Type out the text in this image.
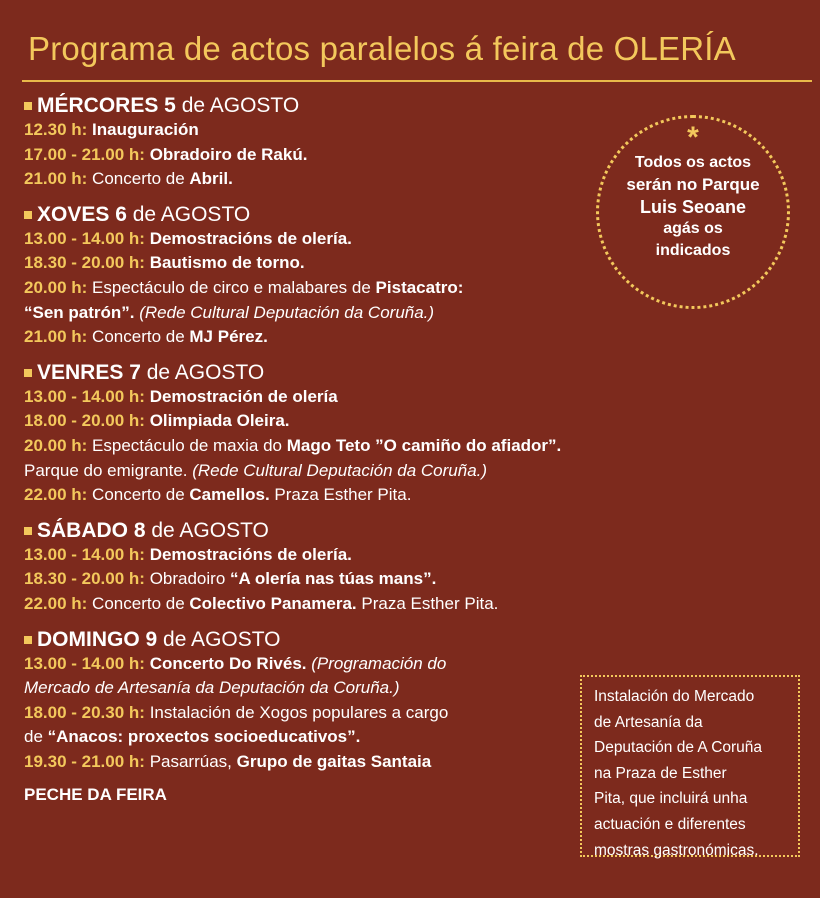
Programa de actos paralelos á feira de OLERÍA
MÉRCORES 5 de AGOSTO
12.30 h: Inauguración
17.00 - 21.00 h: Obradoiro de Rakú.
21.00 h: Concerto de Abril.
XOVES 6 de AGOSTO
13.00 - 14.00 h: Demostracións de olería.
18.30 - 20.00 h: Bautismo de torno.
20.00 h: Espectáculo de circo e malabares de Pistacatro:
“Sen patrón”. (Rede Cultural Deputación da Coruña.)
21.00 h: Concerto de MJ Pérez.
VENRES 7 de AGOSTO
13.00 - 14.00 h: Demostración de olería
18.00 - 20.00 h: Olimpiada Oleira.
20.00 h: Espectáculo de maxia do Mago Teto ”O camiño do afiador”.
Parque do emigrante. (Rede Cultural Deputación da Coruña.)
22.00 h: Concerto de Camellos. Praza Esther Pita.
SÁBADO 8 de AGOSTO
13.00 - 14.00 h: Demostracións de olería.
18.30 - 20.00 h: Obradoiro “A olería nas túas mans”.
22.00 h: Concerto de Colectivo Panamera. Praza Esther Pita.
DOMINGO 9 de AGOSTO
13.00 - 14.00 h: Concerto Do Rivés. (Programación do
Mercado de Artesanía da Deputación da Coruña.)
18.00 - 20.30 h: Instalación de Xogos populares a cargo
de “Anacos: proxectos socioeducativos”.
19.30 - 21.00 h: Pasarrúas, Grupo de gaitas Santaia
PECHE DA FEIRA
*
Todos os actos
serán no Parque
Luis Seoane
agás os
indicados
Instalación do Mercado
de Artesanía da
Deputación de A Coruña
na Praza de Esther
Pita, que incluirá unha
actuación e diferentes
mostras gastronómicas.
